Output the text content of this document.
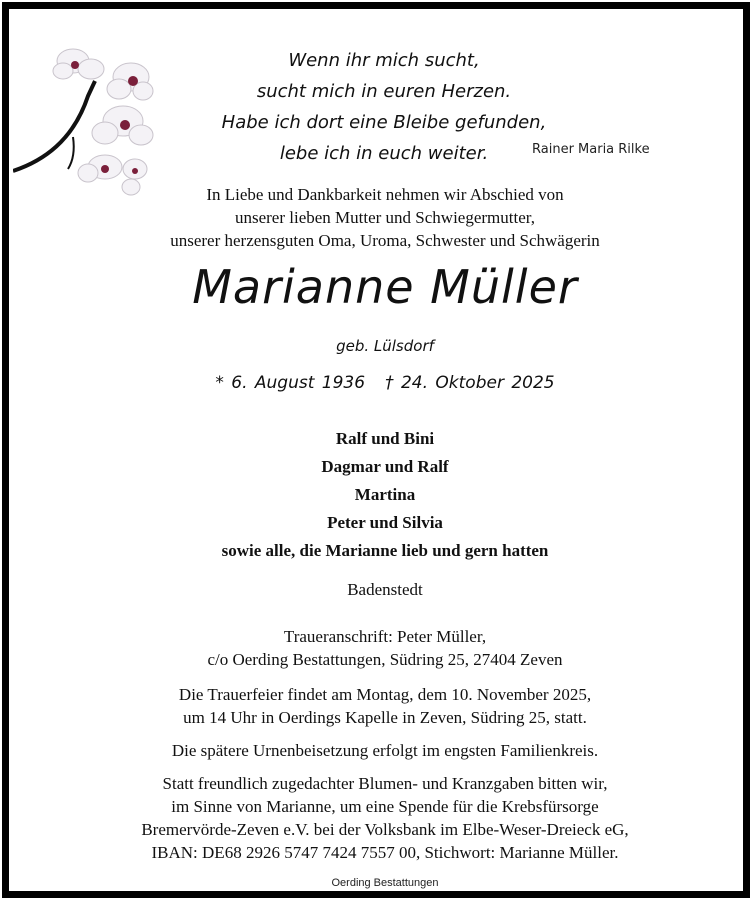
Wenn ihr mich sucht,
sucht mich in euren Herzen.
Habe ich dort eine Bleibe gefunden,
lebe ich in euch weiter.	Rainer Maria Rilke
In Liebe und Dankbarkeit nehmen wir Abschied von
unserer lieben Mutter und Schwiegermutter,
unserer herzensguten Oma, Uroma, Schwester und Schwägerin
Marianne Müller
geb. Lülsdorf
* 6. August 1936 † 24. Oktober 2025
Ralf und Bini
Dagmar und Ralf
Martina
Peter und Silvia
sowie alle, die Marianne lieb und gern hatten
Badenstedt
Traueranschrift: Peter Müller,
c/o Oerding Bestattungen, Südring 25, 27404 Zeven
Die Trauerfeier findet am Montag, dem 10. November 2025,
um 14 Uhr in Oerdings Kapelle in Zeven, Südring 25, statt.
Die spätere Urnenbeisetzung erfolgt im engsten Familienkreis.
Statt freundlich zugedachter Blumen- und Kranzgaben bitten wir,
im Sinne von Marianne, um eine Spende für die Krebsfürsorge
Bremervörde-Zeven e.V. bei der Volksbank im Elbe-Weser-Dreieck eG,
IBAN: DE68 2926 5747 7424 7557 00, Stichwort: Marianne Müller.
Oerding Bestattungen
